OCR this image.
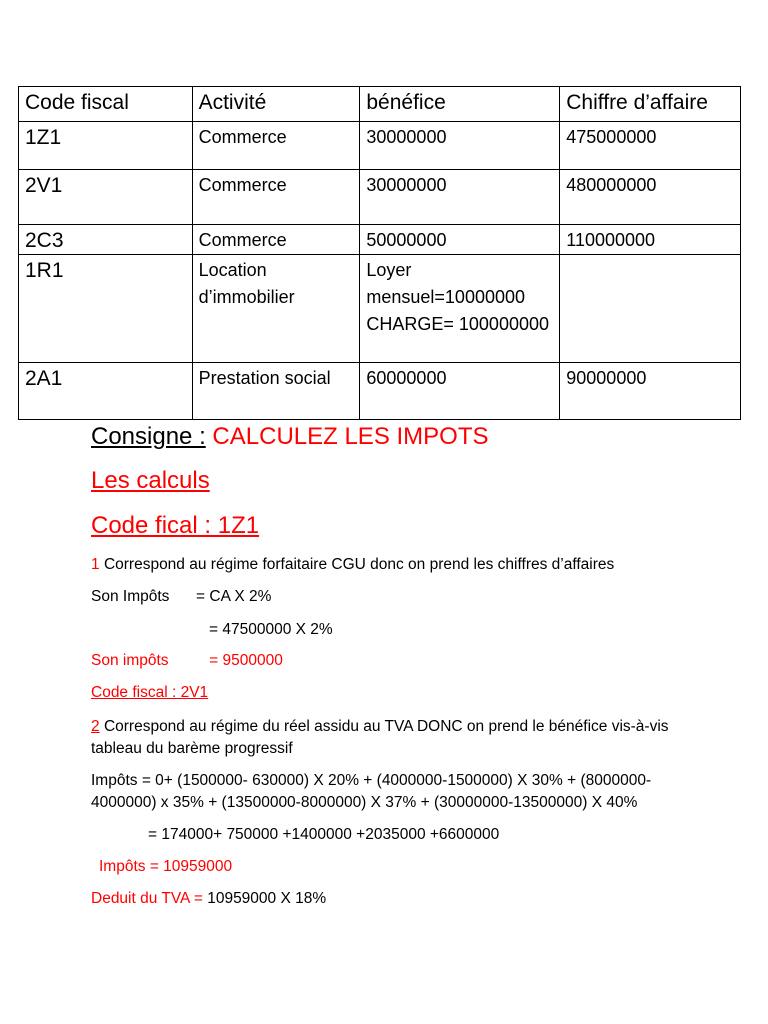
Code fiscal	Activité	bénéfice	Chiffre d’affaire
1Z1	Commerce	30000000	475000000
2V1	Commerce	30000000	480000000
2C3	Commerce	50000000	110000000
1R1	Location d’immobilier	Loyer mensuel=10000000 CHARGE= 100000000	
2A1	Prestation social	60000000	90000000
Consigne : CALCULEZ LES IMPOTS
Les calculs
Code fical : 1Z1
1 Correspond au régime forfaitaire CGU donc on prend les chiffres d’affaires
Son Impôts = CA X 2%
= 47500000 X 2%
Son impôts	= 9500000
Code fiscal : 2V1
2 Correspond au régime du réel assidu au TVA DONC on prend le bénéfice vis-à-vis tableau du barème progressif
Impôts = 0+ (1500000- 630000) X 20% + (4000000-1500000) X 30% + (8000000-4000000) x 35% + (13500000-8000000) X 37% + (30000000-13500000) X 40%
= 174000+ 750000 +1400000 +2035000 +6600000
Impôts = 10959000
Deduit du TVA = 10959000 X 18%
